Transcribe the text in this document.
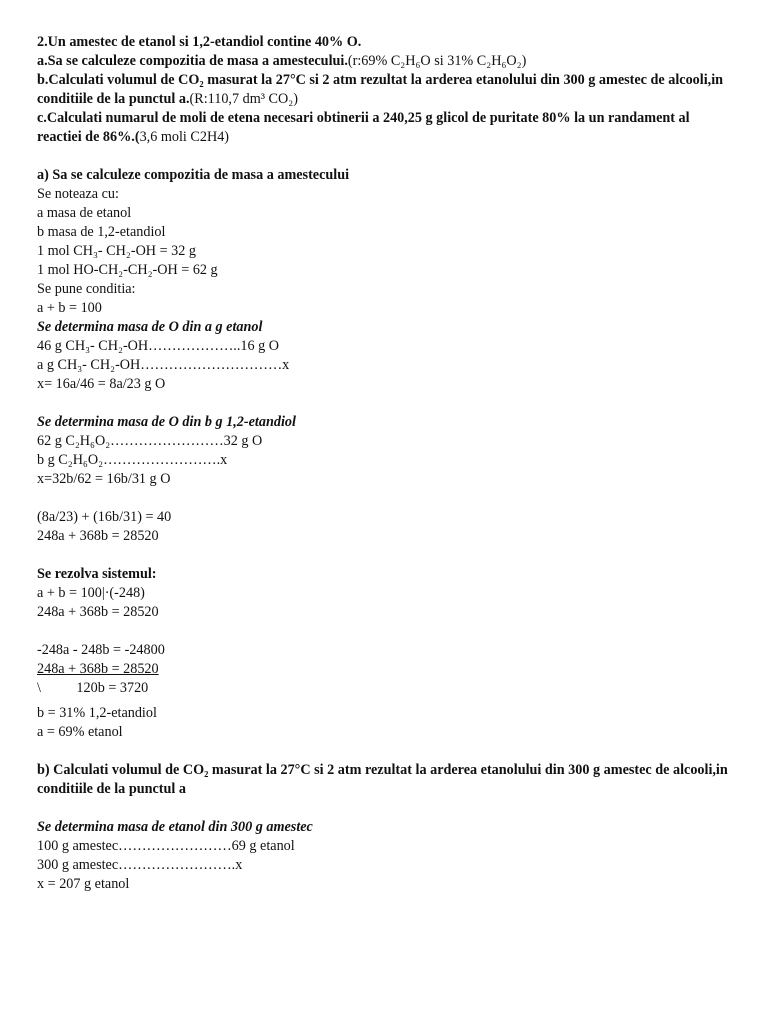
2.Un amestec de etanol si 1,2-etandiol contine 40% O.
a.Sa se calculeze compozitia de masa a amestecului.(r:69% C₂H₆O si 31% C₂H₆O₂)
b.Calculati volumul de CO₂ masurat la 27°C si 2 atm rezultat la arderea etanolului din 300 g amestec de alcooli,in conditiile de la punctul a.(R:110,7 dm³ CO₂)
c.Calculati numarul de moli de etena necesari obtinerii a 240,25 g glicol de puritate 80% la un randament al reactiei de 86%.(3,6 moli C2H4)
a) Sa se calculeze compozitia de masa a amestecului
Se noteaza cu:
a masa de etanol
b masa de 1,2-etandiol
1 mol CH₃- CH₂-OH = 32 g
1 mol HO-CH₂-CH₂-OH = 62 g
Se pune conditia:
a + b = 100
Se determina masa de O din a g etanol
46 g CH₃- CH₂-OH………………..16 g O
a g CH₃- CH₂-OH…………………………x
x= 16a/46 = 8a/23 g O
Se determina masa de O din b g 1,2-etandiol
62 g C₂H₆O₂……………………32 g O
b g C₂H₆O₂…………………….x
x=32b/62 = 16b/31 g O
(8a/23) + (16b/31) = 40
248a + 368b = 28520
Se rezolva sistemul:
a + b = 100|·(-248)
248a + 368b = 28520
-248a - 248b = -24800
248a + 368b = 28520
\          120b = 3720
b = 31% 1,2-etandiol
a = 69% etanol
b) Calculati volumul de CO₂ masurat la 27°C si 2 atm rezultat la arderea etanolului din 300 g amestec de alcooli,in conditiile de la punctul a
Se determina masa de etanol din 300 g amestec
100 g amestec……………………69 g etanol
300 g amestec…………………….x
x = 207 g etanol
